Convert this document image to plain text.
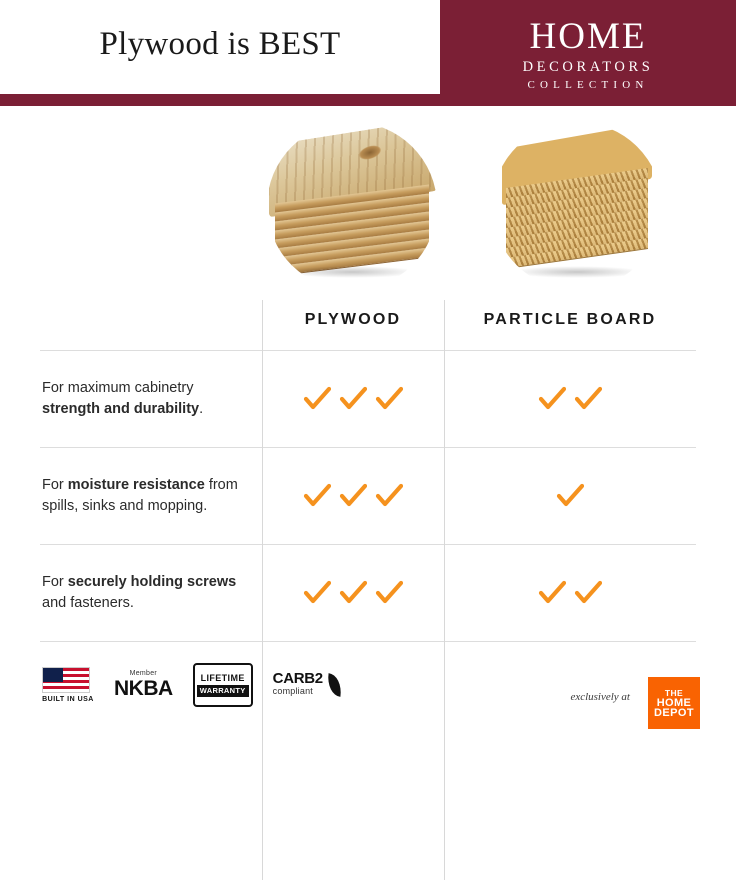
Plywood is BEST	HOME
DECORATORS
COLLECTION
PLYWOOD	PARTICLE BOARD
For maximum cabinetry strength and durability.
For moisture resistance from spills, sinks and mopping.
For securely holding screws and fasteners.
BUILT IN USA
Member
NKBA	LIFETIME
WARRANTY
CARB2
compliant	exclusively at	THE
HOME
DEPOT
